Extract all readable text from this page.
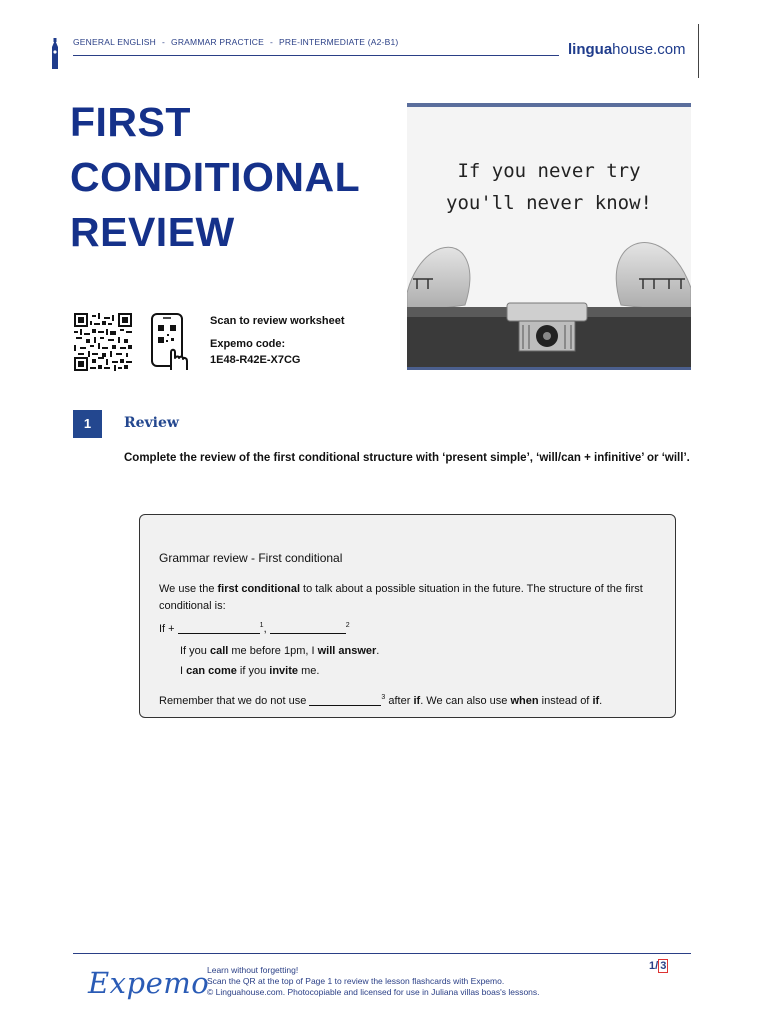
GENERAL ENGLISH - GRAMMAR PRACTICE - PRE-INTERMEDIATE (A2-B1)	linguahouse.com
FIRST
CONDITIONAL
REVIEW
If you never try
you'll never know!
Scan to review worksheet
Expemo code:
1E48-R42E-X7CG
1	Review
Complete the review of the first conditional structure with ‘present simple’, ‘will/can + infinitive’ or ‘will’.
Grammar review - First conditional
We use the first conditional to talk about a possible situation in the future. The structure of the first conditional is:
If +	$^1$,	$^2$
If you call me before 1pm, I will answer.
I can come if you invite me.
Remember that we do not use	$^3$ after if. We can also use when instead of if.
Expemo
Learn without forgetting!
Scan the QR at the top of Page 1 to review the lesson flashcards with Expemo.
© Linguahouse.com. Photocopiable and licensed for use in Juliana villas boas's lessons.
1/ 3
